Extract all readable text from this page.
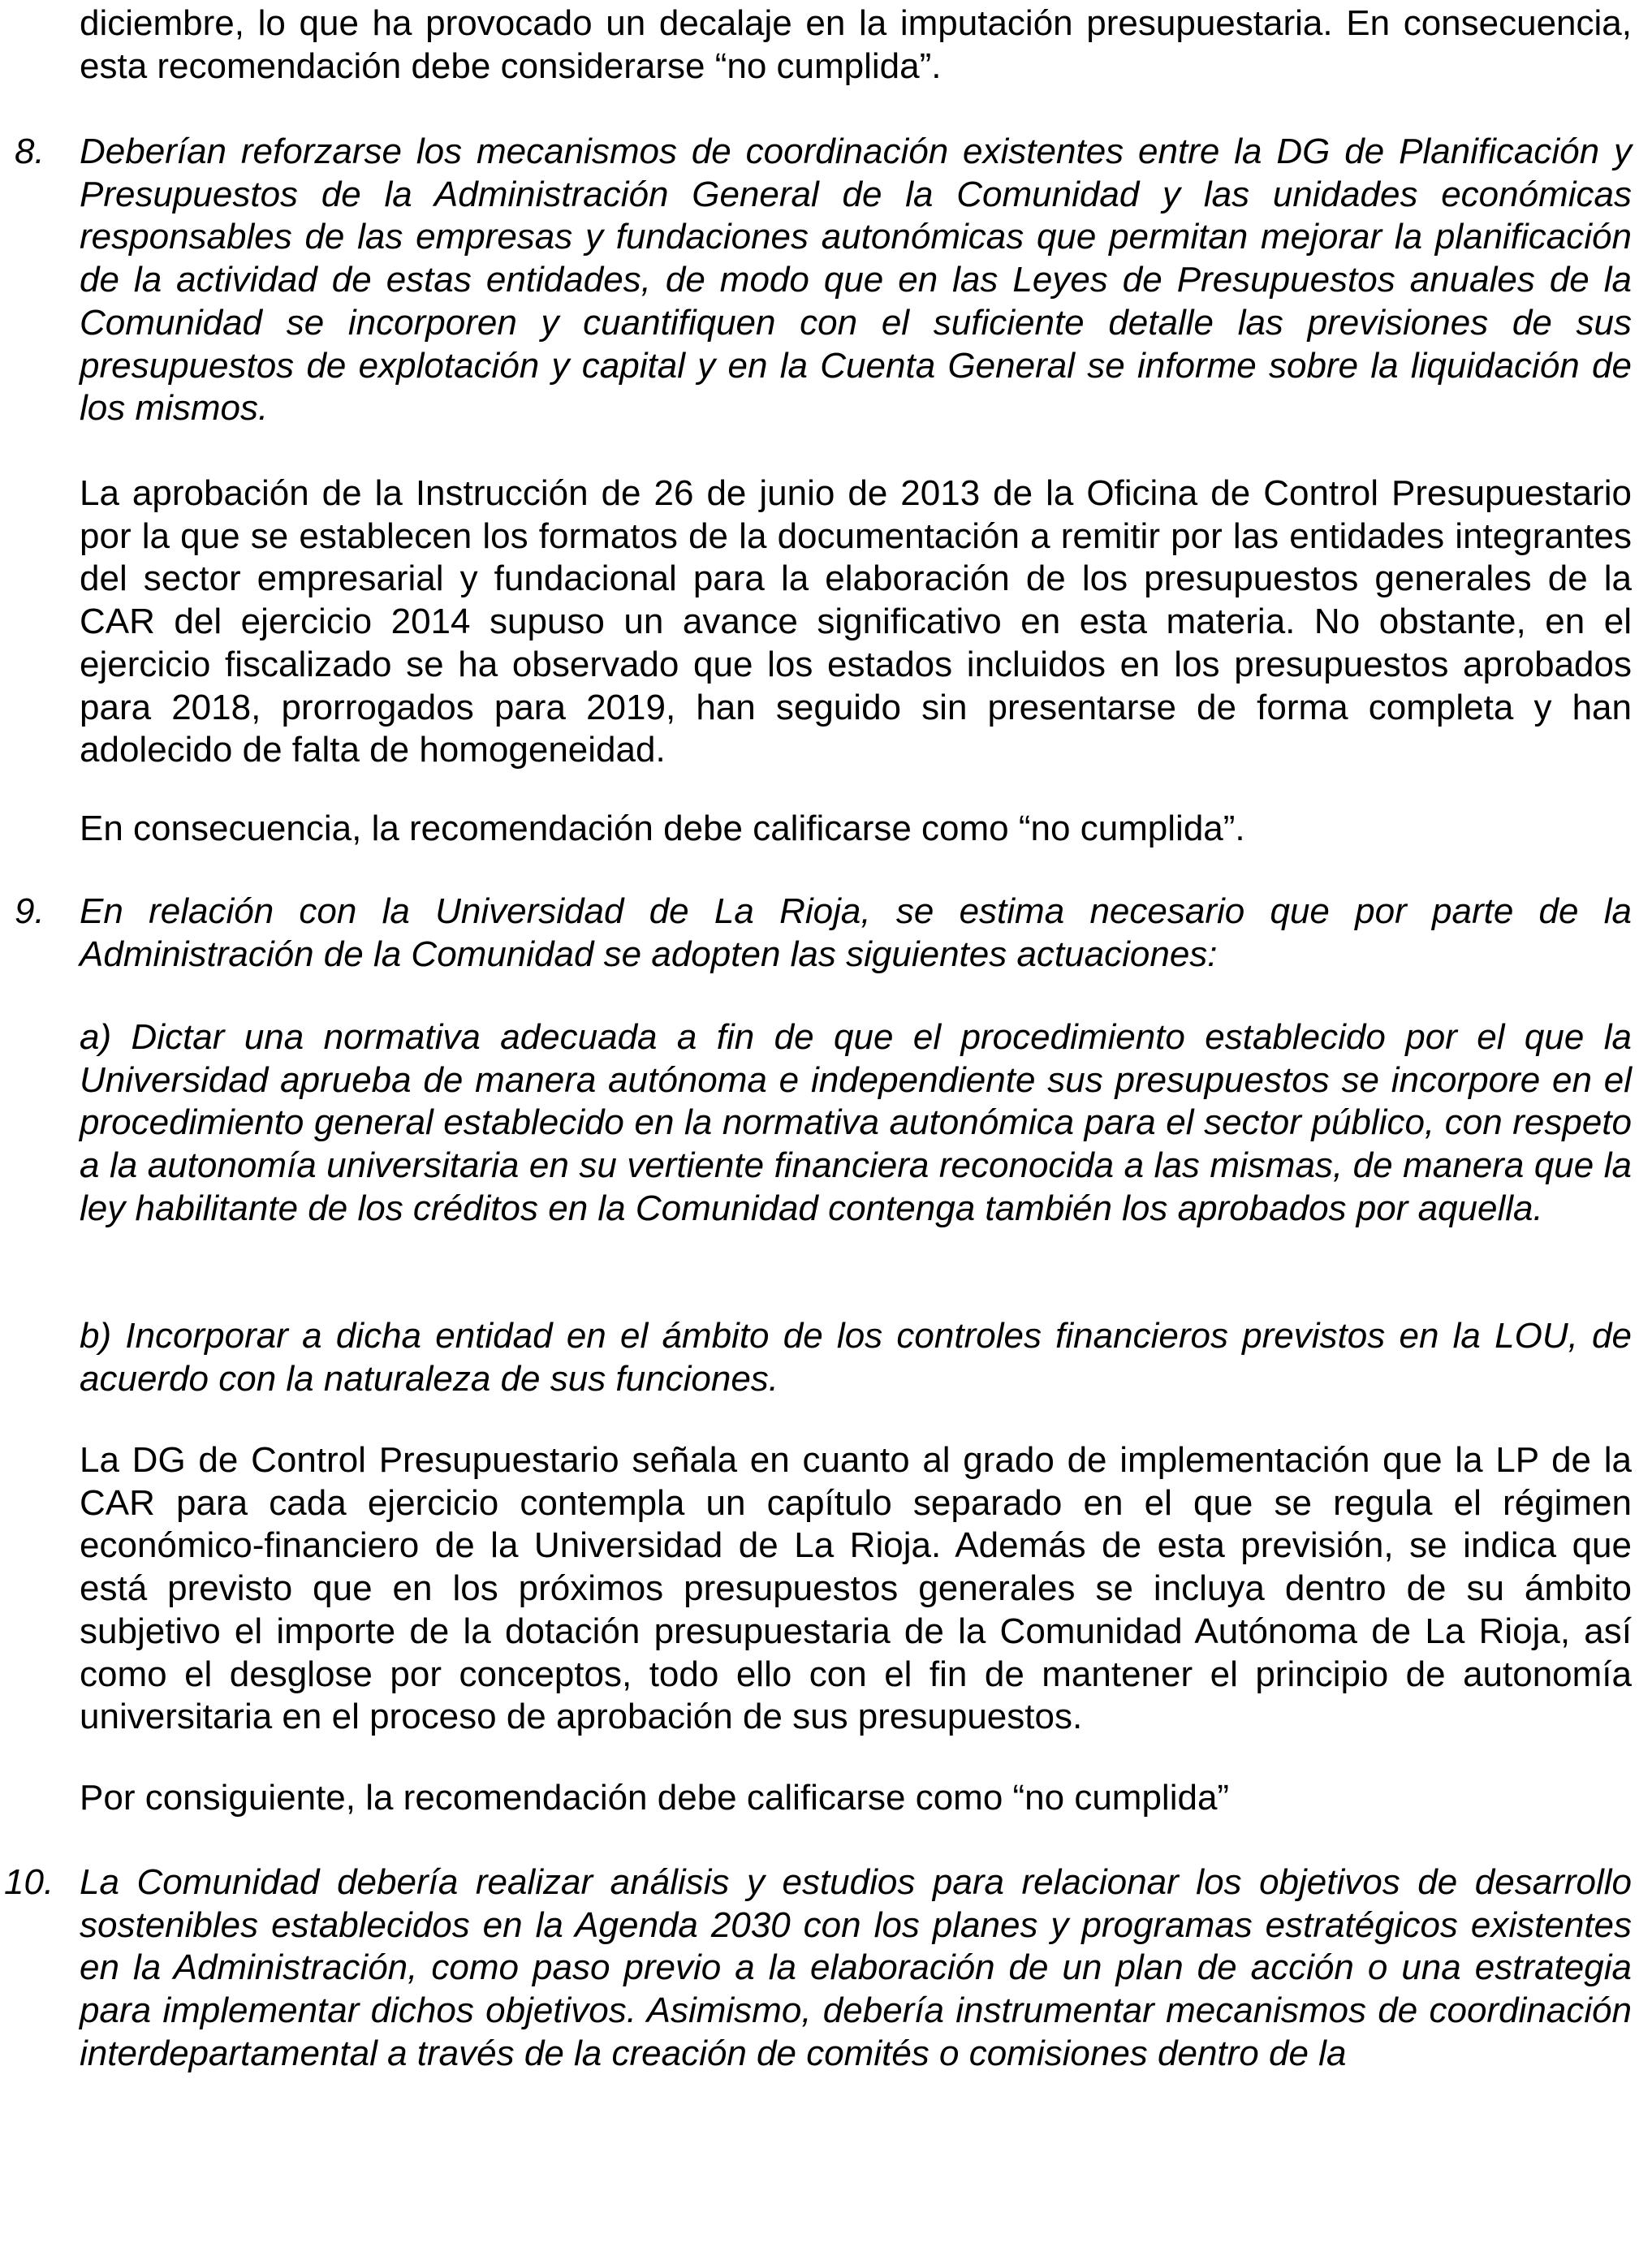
diciembre, lo que ha provocado un decalaje en la imputación presupuestaria. En consecuencia, esta recomendación debe considerarse “no cumplida”.

8. Deberían reforzarse los mecanismos de coordinación existentes entre la DG de Planificación y Presupuestos de la Administración General de la Comunidad y las unidades económicas responsables de las empresas y fundaciones autonómicas que permitan mejorar la planificación de la actividad de estas entidades, de modo que en las Leyes de Presupuestos anuales de la Comunidad se incorporen y cuantifiquen con el suficiente detalle las previsiones de sus presupuestos de explotación y capital y en la Cuenta General se informe sobre la liquidación de los mismos.

La aprobación de la Instrucción de 26 de junio de 2013 de la Oficina de Control Presupuestario por la que se establecen los formatos de la documentación a remitir por las entidades integrantes del sector empresarial y fundacional para la elaboración de los presupuestos generales de la CAR del ejercicio 2014 supuso un avance significativo en esta materia. No obstante, en el ejercicio fiscalizado se ha observado que los estados incluidos en los presupuestos aprobados para 2018, prorrogados para 2019, han seguido sin presentarse de forma completa y han adolecido de falta de homogeneidad.

En consecuencia, la recomendación debe calificarse como “no cumplida”.

9. En relación con la Universidad de La Rioja, se estima necesario que por parte de la Administración de la Comunidad se adopten las siguientes actuaciones:

a) Dictar una normativa adecuada a fin de que el procedimiento establecido por el que la Universidad aprueba de manera autónoma e independiente sus presupuestos se incorpore en el procedimiento general establecido en la normativa autonómica para el sector público, con respeto a la autonomía universitaria en su vertiente financiera reconocida a las mismas, de manera que la ley habilitante de los créditos en la Comunidad contenga también los aprobados por aquella.

b) Incorporar a dicha entidad en el ámbito de los controles financieros previstos en la LOU, de acuerdo con la naturaleza de sus funciones.

La DG de Control Presupuestario señala en cuanto al grado de implementación que la LP de la CAR para cada ejercicio contempla un capítulo separado en el que se regula el régimen económico-financiero de la Universidad de La Rioja. Además de esta previsión, se indica que está previsto que en los próximos presupuestos generales se incluya dentro de su ámbito subjetivo el importe de la dotación presupuestaria de la Comunidad Autónoma de La Rioja, así como el desglose por conceptos, todo ello con el fin de mantener el principio de autonomía universitaria en el proceso de aprobación de sus presupuestos.

Por consiguiente, la recomendación debe calificarse como “no cumplida”

10. La Comunidad debería realizar análisis y estudios para relacionar los objetivos de desarrollo sostenibles establecidos en la Agenda 2030 con los planes y programas estratégicos existentes en la Administración, como paso previo a la elaboración de un plan de acción o una estrategia para implementar dichos objetivos. Asimismo, debería instrumentar mecanismos de coordinación interdepartamental a través de la creación de comités o comisiones dentro de la
